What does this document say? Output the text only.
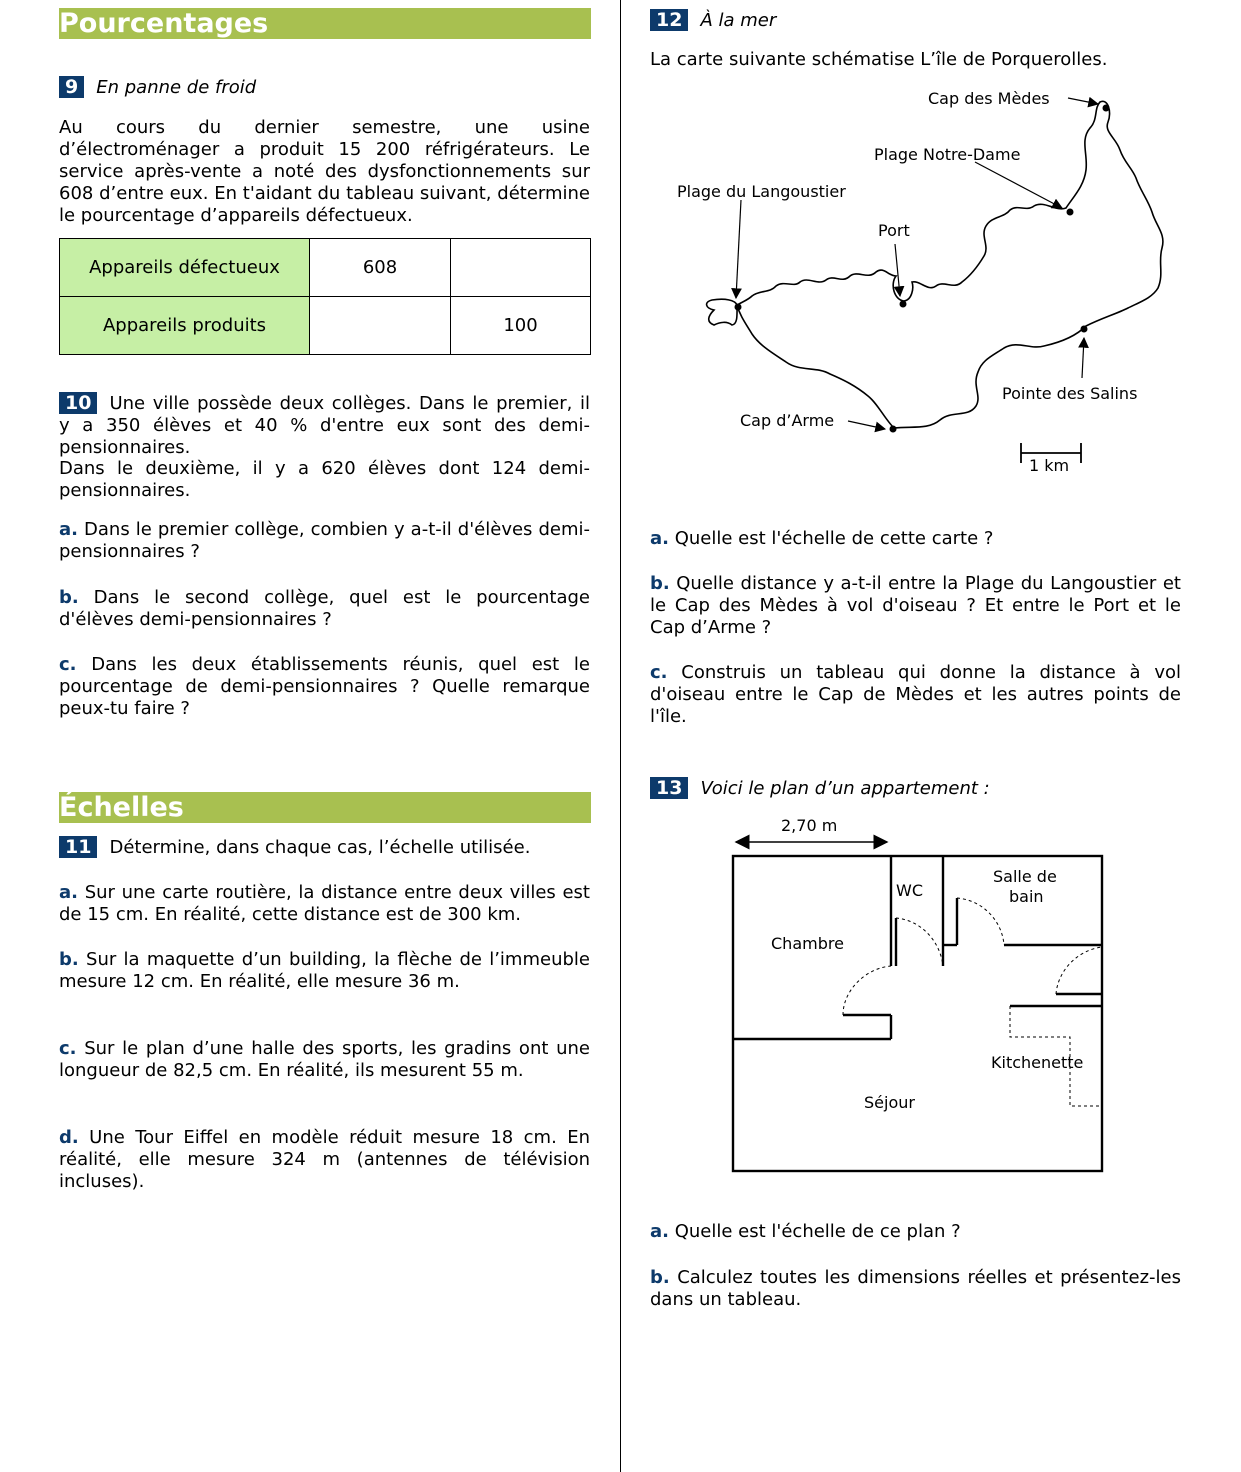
Pourcentages
9 En panne de froid
Au cours du dernier semestre, une usine d’électroménager a produit 15 200 réfrigérateurs. Le service après-vente a noté des dysfonctionnements sur 608 d’entre eux. En t'aidant du tableau suivant, détermine le pourcentage d’appareils défectueux.
Appareils défectueux	608	
Appareils produits		100
10 Une ville possède deux collèges. Dans le premier, il y a 350 élèves et 40 % d'entre eux sont des demi-pensionnaires.
Dans le deuxième, il y a 620 élèves dont 124 demi-pensionnaires.
a. Dans le premier collège, combien y a-t-il d'élèves demi-pensionnaires ?
b. Dans le second collège, quel est le pourcentage d'élèves demi-pensionnaires ?
c. Dans les deux établissements réunis, quel est le pourcentage de demi-pensionnaires ? Quelle remarque peux-tu faire ?
Échelles
11 Détermine, dans chaque cas, l’échelle utilisée.
a. Sur une carte routière, la distance entre deux villes est de 15 cm. En réalité, cette distance est de 300 km.
b. Sur la maquette d’un building, la flèche de l’immeuble mesure 12 cm. En réalité, elle mesure 36 m.
c. Sur le plan d’une halle des sports, les gradins ont une longueur de 82,5 cm. En réalité, ils mesurent 55 m.
d. Une Tour Eiffel en modèle réduit mesure 18 cm. En réalité, elle mesure 324 m (antennes de télévision incluses).
12 À la mer
La carte suivante schématise L’île de Porquerolles.
Cap des Mèdes
Plage Notre-Dame
Plage du Langoustier
Port
Pointe des Salins
Cap d’Arme
1 km
a. Quelle est l'échelle de cette carte ?
b. Quelle distance y a-t-il entre la Plage du Langoustier et le Cap des Mèdes à vol d'oiseau ? Et entre le Port et le Cap d’Arme ?
c. Construis un tableau qui donne la distance à vol d'oiseau entre le Cap de Mèdes et les autres points de l'île.
13 Voici le plan d’un appartement :
2,70 m
WC
Salle de
bain
Chambre
Kitchenette
Séjour
a. Quelle est l'échelle de ce plan ?
b. Calculez toutes les dimensions réelles et présentez-les dans un tableau.
